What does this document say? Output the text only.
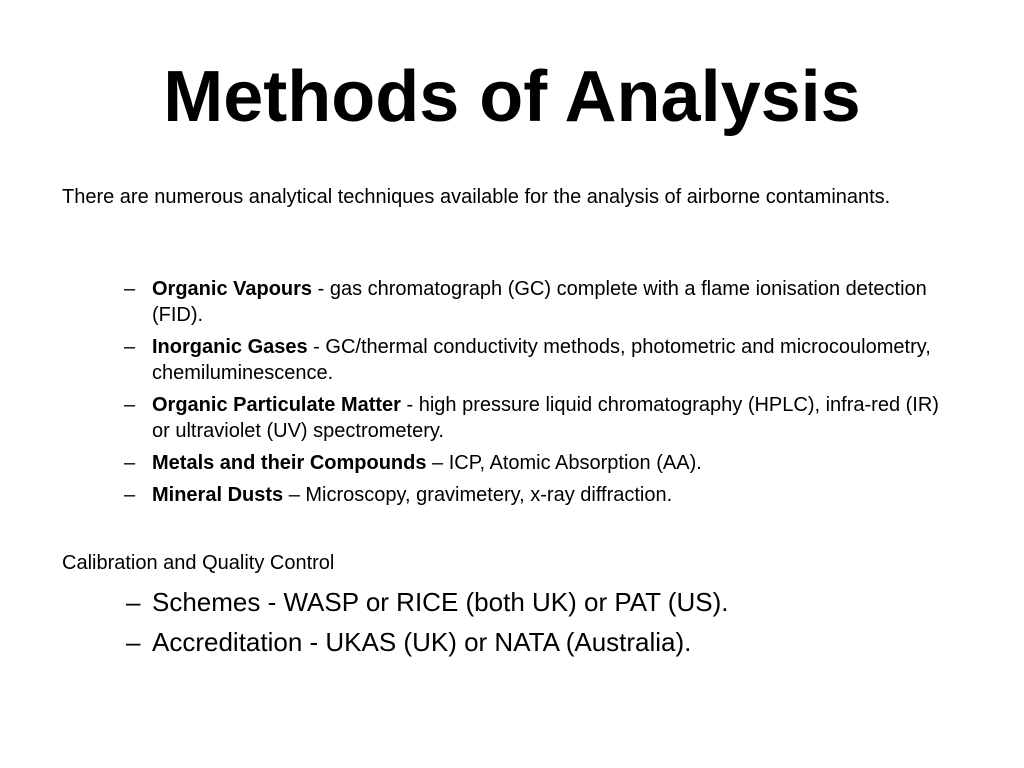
Methods of Analysis

There are numerous analytical techniques available for the analysis of airborne contaminants.

– Organic Vapours - gas chromatograph (GC) complete with a flame ionisation detection (FID).
– Inorganic Gases - GC/thermal conductivity methods, photometric and microcoulometry, chemiluminescence.
– Organic Particulate Matter - high pressure liquid chromatography (HPLC), infra-red (IR) or ultraviolet (UV) spectrometery.
– Metals and their Compounds – ICP, Atomic Absorption (AA).
– Mineral Dusts – Microscopy, gravimetery, x-ray diffraction.

Calibration and Quality Control

– Schemes - WASP or RICE (both UK) or PAT (US).
– Accreditation - UKAS (UK) or NATA (Australia).
